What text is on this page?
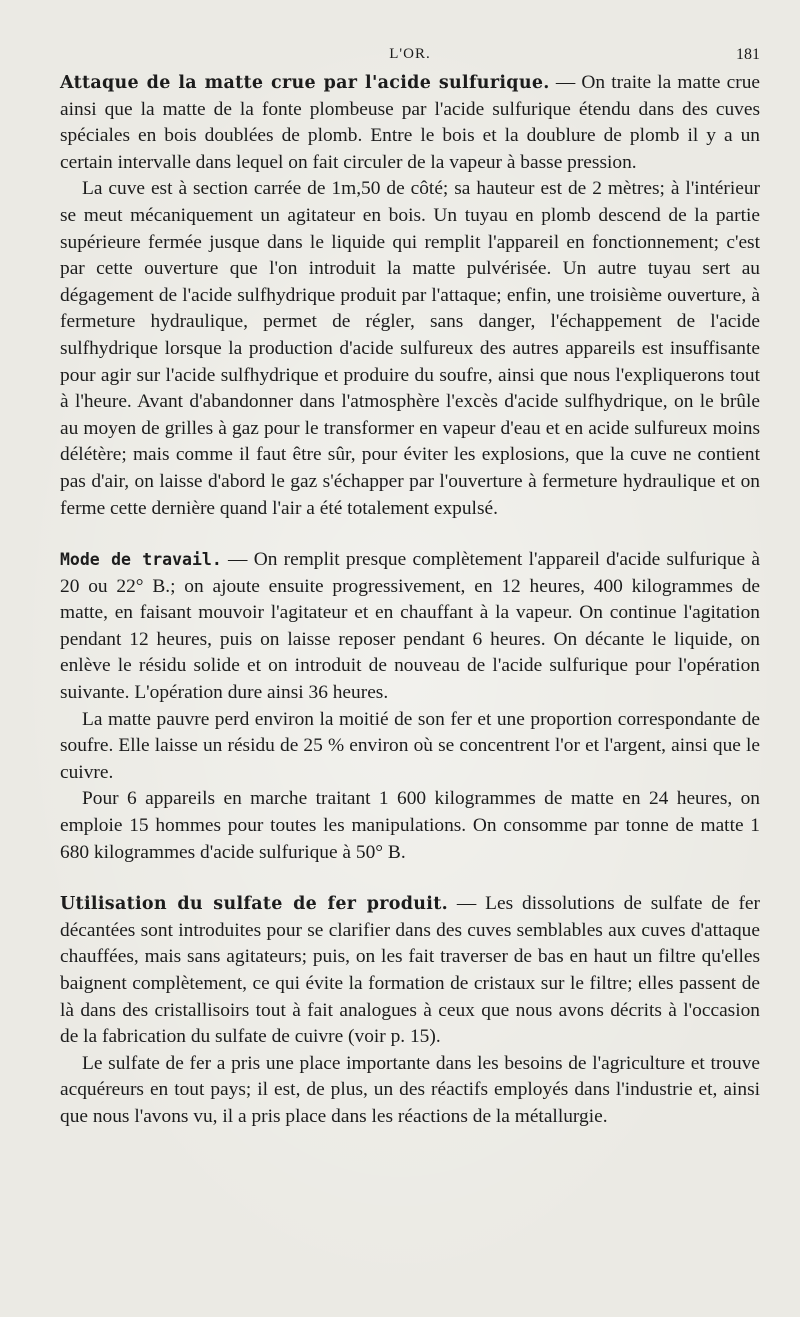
L'OR.	181

Attaque de la matte crue par l'acide sulfurique. — On traite la matte crue ainsi que la matte de la fonte plombeuse par l'acide sulfurique étendu dans des cuves spéciales en bois doublées de plomb. Entre le bois et la doublure de plomb il y a un certain intervalle dans lequel on fait circuler de la vapeur à basse pression.

La cuve est à section carrée de 1m,50 de côté; sa hauteur est de 2 mètres; à l'intérieur se meut mécaniquement un agitateur en bois. Un tuyau en plomb descend de la partie supérieure fermée jusque dans le liquide qui remplit l'appareil en fonctionnement; c'est par cette ouverture que l'on introduit la matte pulvérisée. Un autre tuyau sert au dégagement de l'acide sulfhydrique produit par l'attaque; enfin, une troisième ouverture, à fermeture hydraulique, permet de régler, sans danger, l'échappement de l'acide sulfhydrique lorsque la production d'acide sulfureux des autres appareils est insuffisante pour agir sur l'acide sulfhydrique et produire du soufre, ainsi que nous l'expliquerons tout à l'heure. Avant d'abandonner dans l'atmosphère l'excès d'acide sulfhydrique, on le brûle au moyen de grilles à gaz pour le transformer en vapeur d'eau et en acide sulfureux moins délétère; mais comme il faut être sûr, pour éviter les explosions, que la cuve ne contient pas d'air, on laisse d'abord le gaz s'échapper par l'ouverture à fermeture hydraulique et on ferme cette dernière quand l'air a été totalement expulsé.

Mode de travail. — On remplit presque complètement l'appareil d'acide sulfurique à 20 ou 22° B.; on ajoute ensuite progressivement, en 12 heures, 400 kilogrammes de matte, en faisant mouvoir l'agitateur et en chauffant à la vapeur. On continue l'agitation pendant 12 heures, puis on laisse reposer pendant 6 heures. On décante le liquide, on enlève le résidu solide et on introduit de nouveau de l'acide sulfurique pour l'opération suivante. L'opération dure ainsi 36 heures.

La matte pauvre perd environ la moitié de son fer et une proportion correspondante de soufre. Elle laisse un résidu de 25 % environ où se concentrent l'or et l'argent, ainsi que le cuivre.

Pour 6 appareils en marche traitant 1 600 kilogrammes de matte en 24 heures, on emploie 15 hommes pour toutes les manipulations. On consomme par tonne de matte 1 680 kilogrammes d'acide sulfurique à 50° B.

Utilisation du sulfate de fer produit. — Les dissolutions de sulfate de fer décantées sont introduites pour se clarifier dans des cuves semblables aux cuves d'attaque chauffées, mais sans agitateurs; puis, on les fait traverser de bas en haut un filtre qu'elles baignent complètement, ce qui évite la formation de cristaux sur le filtre; elles passent de là dans des cristallisoirs tout à fait analogues à ceux que nous avons décrits à l'occasion de la fabrication du sulfate de cuivre (voir p. 15).

Le sulfate de fer a pris une place importante dans les besoins de l'agriculture et trouve acquéreurs en tout pays; il est, de plus, un des réactifs employés dans l'industrie et, ainsi que nous l'avons vu, il a pris place dans les réactions de la métallurgie.
